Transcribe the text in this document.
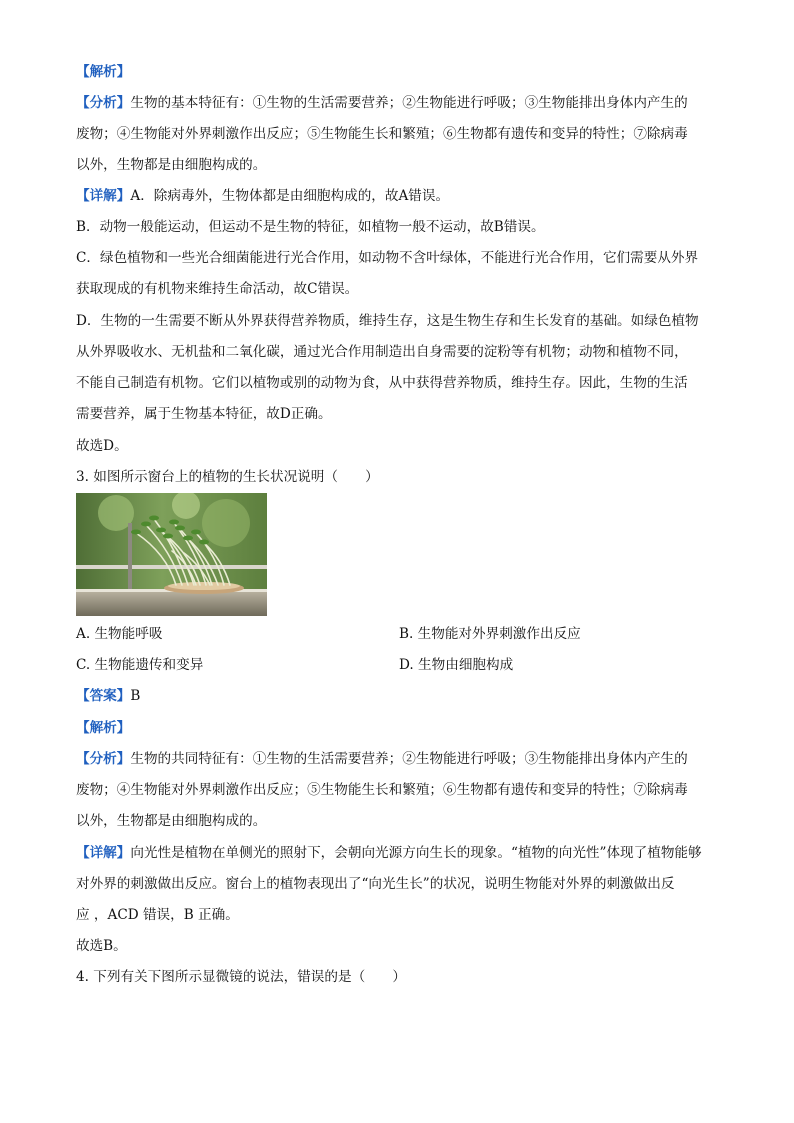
【解析】
【分析】生物的基本特征有：①生物的生活需要营养；②生物能进行呼吸；③生物能排出身体内产生的
废物；④生物能对外界刺激作出反应；⑤生物能生长和繁殖；⑥生物都有遗传和变异的特性；⑦除病毒
以外，生物都是由细胞构成的。
【详解】A．除病毒外，生物体都是由细胞构成的，故A错误。
B．动物一般能运动，但运动不是生物的特征，如植物一般不运动，故B错误。
C．绿色植物和一些光合细菌能进行光合作用，如动物不含叶绿体，不能进行光合作用，它们需要从外界
获取现成的有机物来维持生命活动，故C错误。
D．生物的一生需要不断从外界获得营养物质，维持生存，这是生物生存和生长发育的基础。如绿色植物
从外界吸收水、无机盐和二氧化碳，通过光合作用制造出自身需要的淀粉等有机物；动物和植物不同，
不能自己制造有机物。它们以植物或别的动物为食，从中获得营养物质，维持生存。因此，生物的生活
需要营养，属于生物基本特征，故D正确。
故选D。
3. 如图所示窗台上的植物的生长状况说明（　　）
A. 生物能呼吸	B. 生物能对外界刺激作出反应
C. 生物能遗传和变异	D. 生物由细胞构成
【答案】B
【解析】
【分析】生物的共同特征有：①生物的生活需要营养；②生物能进行呼吸；③生物能排出身体内产生的
废物；④生物能对外界刺激作出反应；⑤生物能生长和繁殖；⑥生物都有遗传和变异的特性；⑦除病毒
以外，生物都是由细胞构成的。
【详解】向光性是植物在单侧光的照射下，会朝向光源方向生长的现象。“植物的向光性”体现了植物能够
对外界的刺激做出反应。窗台上的植物表现出了“向光生长”的状况，说明生物能对外界的刺激做出反
应 ，ACD 错误，B 正确。
故选B。
4. 下列有关下图所示显微镜的说法，错误的是（　　）
